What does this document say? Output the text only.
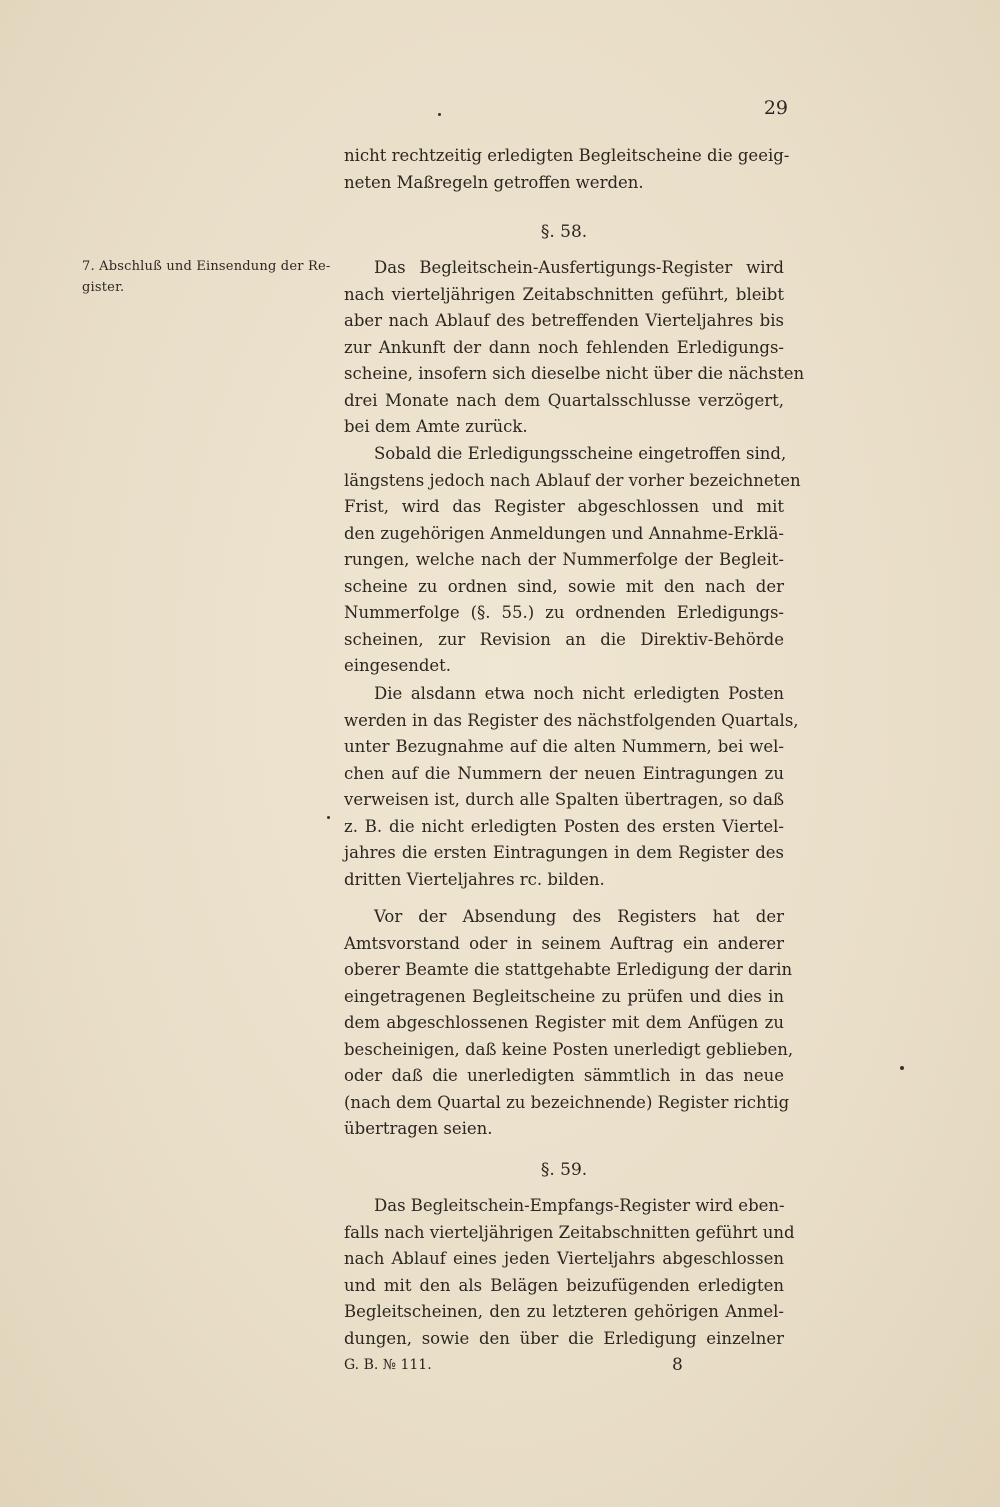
29
7. Abschluß und Einsendung der Re-
gister.
nicht rechtzeitig erledigten Begleitscheine die geeig-
neten Maßregeln getroffen werden.
§. 58.
Das Begleitschein-Ausfertigungs-Register wird
nach vierteljährigen Zeitabschnitten geführt, bleibt
aber nach Ablauf des betreffenden Vierteljahres bis
zur Ankunft der dann noch fehlenden Erledigungs-
scheine, insofern sich dieselbe nicht über die nächsten
drei Monate nach dem Quartalsschlusse verzögert,
bei dem Amte zurück.
Sobald die Erledigungsscheine eingetroffen sind,
längstens jedoch nach Ablauf der vorher bezeichneten
Frist, wird das Register abgeschlossen und mit
den zugehörigen Anmeldungen und Annahme-Erklä-
rungen, welche nach der Nummerfolge der Begleit-
scheine zu ordnen sind, sowie mit den nach der
Nummerfolge (§. 55.) zu ordnenden Erledigungs-
scheinen, zur Revision an die Direktiv-Behörde
eingesendet.
Die alsdann etwa noch nicht erledigten Posten
werden in das Register des nächstfolgenden Quartals,
unter Bezugnahme auf die alten Nummern, bei wel-
chen auf die Nummern der neuen Eintragungen zu
verweisen ist, durch alle Spalten übertragen, so daß
z. B. die nicht erledigten Posten des ersten Viertel-
jahres die ersten Eintragungen in dem Register des
dritten Vierteljahres rc. bilden.
Vor der Absendung des Registers hat der
Amtsvorstand oder in seinem Auftrag ein anderer
oberer Beamte die stattgehabte Erledigung der darin
eingetragenen Begleitscheine zu prüfen und dies in
dem abgeschlossenen Register mit dem Anfügen zu
bescheinigen, daß keine Posten unerledigt geblieben,
oder daß die unerledigten sämmtlich in das neue
(nach dem Quartal zu bezeichnende) Register richtig
übertragen seien.
§. 59.
Das Begleitschein-Empfangs-Register wird eben-
falls nach vierteljährigen Zeitabschnitten geführt und
nach Ablauf eines jeden Vierteljahrs abgeschlossen
und mit den als Belägen beizufügenden erledigten
Begleitscheinen, den zu letzteren gehörigen Anmel-
dungen, sowie den über die Erledigung einzelner
G. B. № 111.	8
